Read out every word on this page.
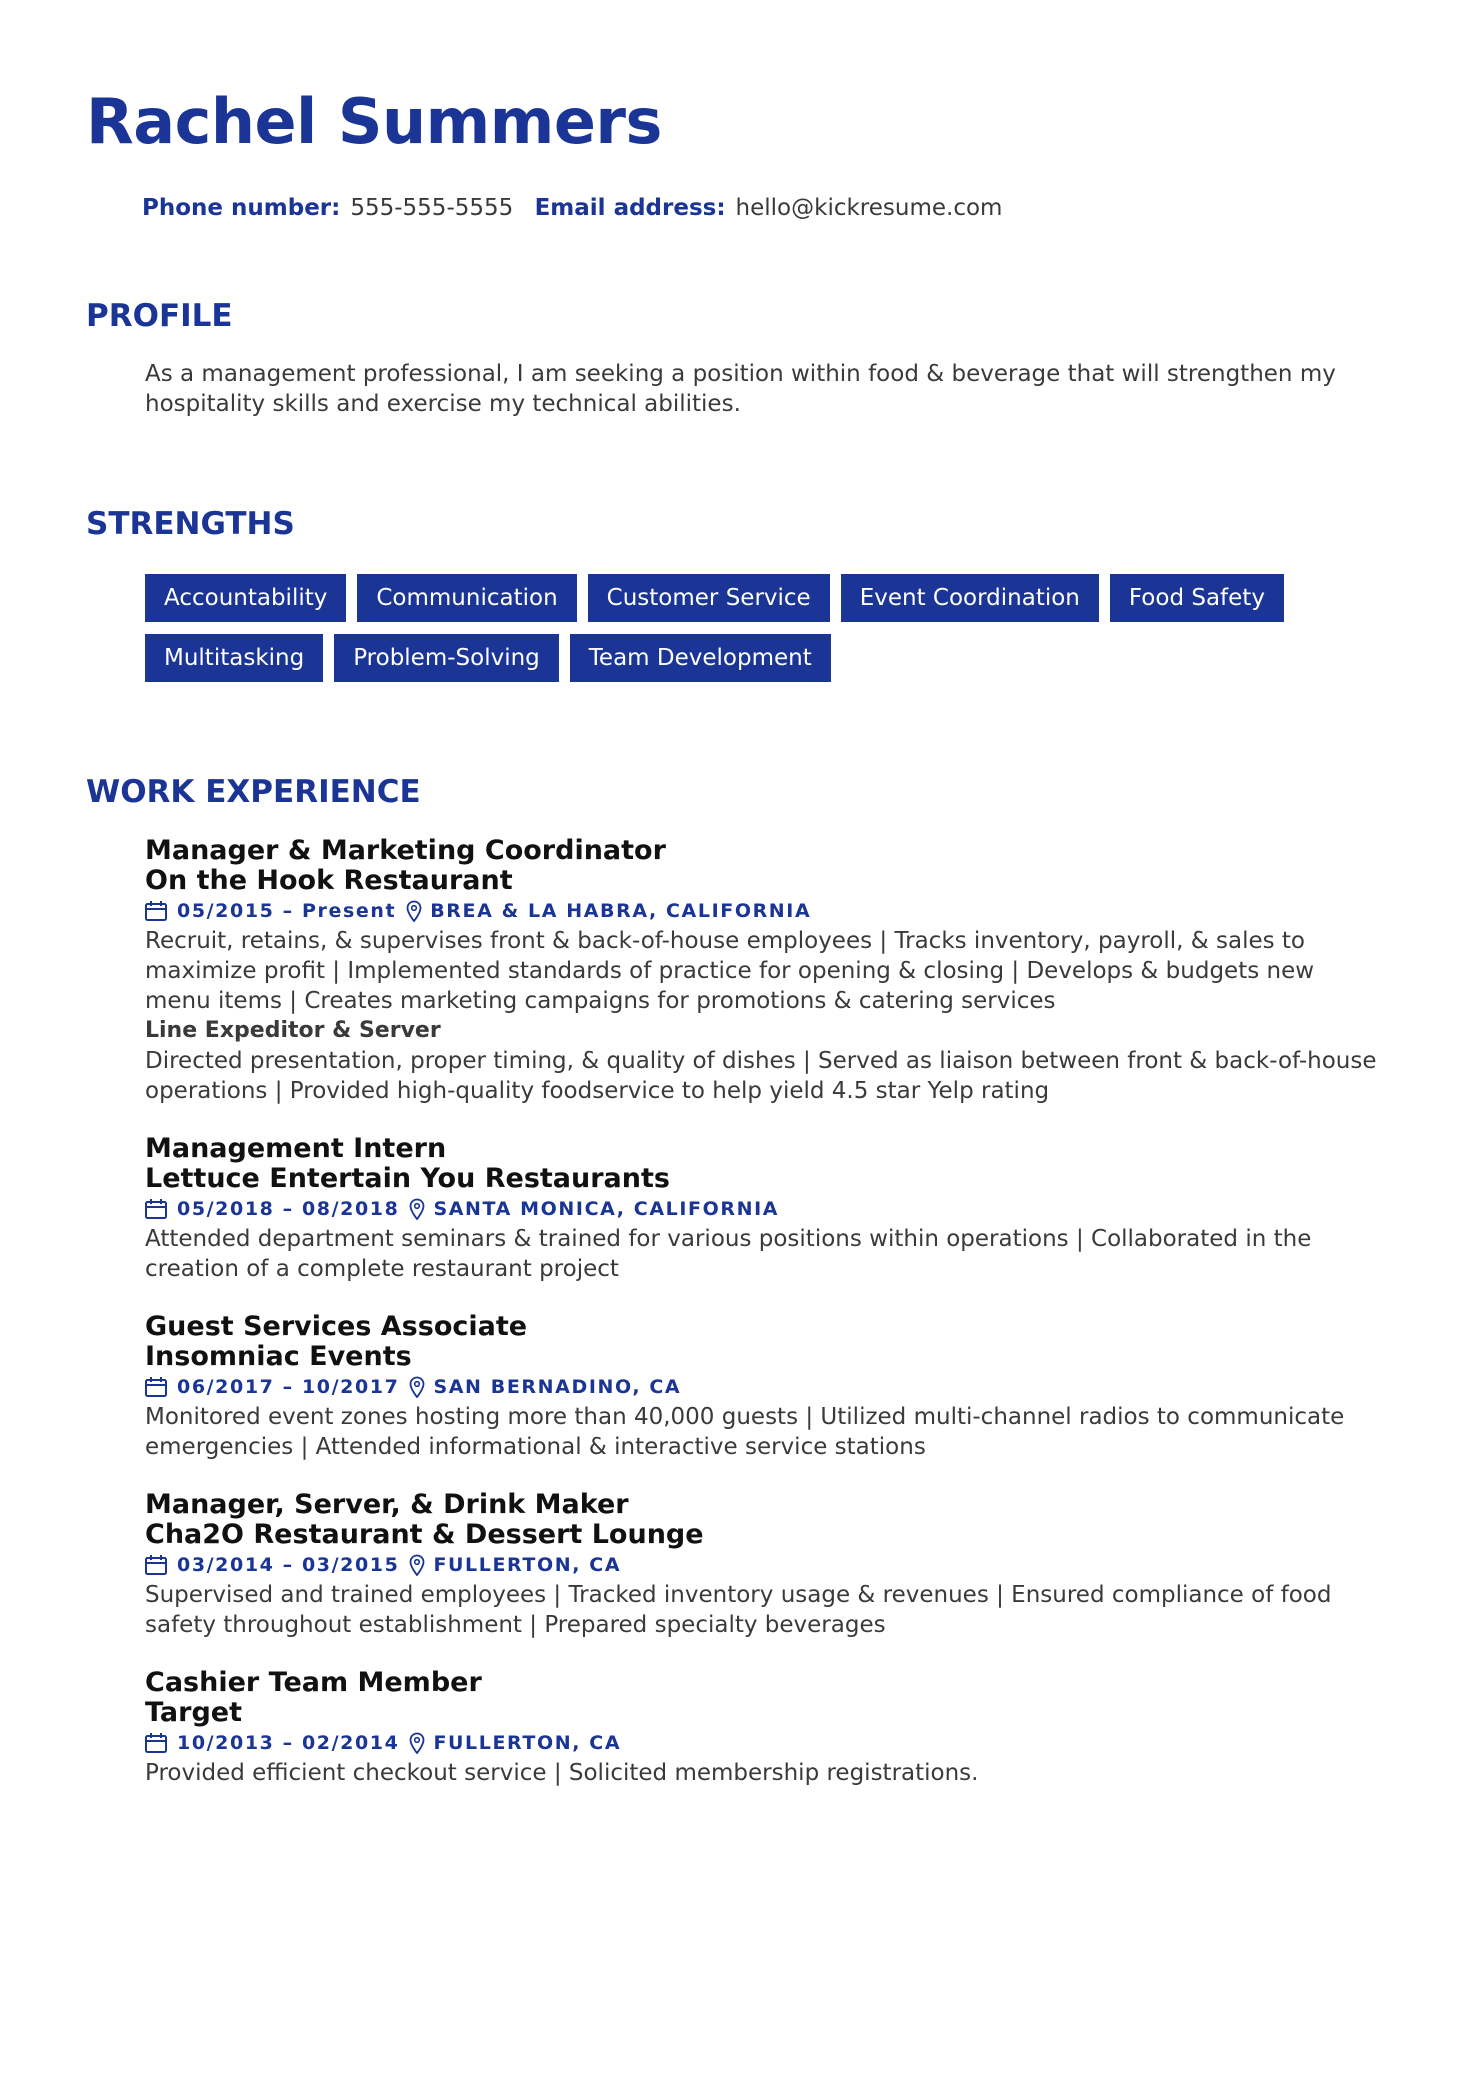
Rachel Summers
Phone number: 555-555-5555 Email address: hello@kickresume.com
PROFILE
As a management professional, I am seeking a position within food & beverage that will strengthen my hospitality skills and exercise my technical abilities.
STRENGTHS
Accountability	Communication	Customer Service	Event Coordination	Food Safety
Multitasking	Problem-Solving	Team Development
WORK EXPERIENCE
Manager & Marketing Coordinator
On the Hook Restaurant
05/2015 – Present BREA & LA HABRA, CALIFORNIA
Recruit, retains, & supervises front & back-of-house employees | Tracks inventory, payroll, & sales to maximize profit | Implemented standards of practice for opening & closing | Develops & budgets new menu items | Creates marketing campaigns for promotions & catering services
Line Expeditor & Server
Directed presentation, proper timing, & quality of dishes | Served as liaison between front & back-of-house operations | Provided high-quality foodservice to help yield 4.5 star Yelp rating
Management Intern
Lettuce Entertain You Restaurants
05/2018 – 08/2018 SANTA MONICA, CALIFORNIA
Attended department seminars & trained for various positions within operations | Collaborated in the creation of a complete restaurant project
Guest Services Associate
Insomniac Events
06/2017 – 10/2017 SAN BERNADINO, CA
Monitored event zones hosting more than 40,000 guests | Utilized multi-channel radios to communicate emergencies | Attended informational & interactive service stations
Manager, Server, & Drink Maker
Cha2O Restaurant & Dessert Lounge
03/2014 – 03/2015 FULLERTON, CA
Supervised and trained employees | Tracked inventory usage & revenues | Ensured compliance of food safety throughout establishment | Prepared specialty beverages
Cashier Team Member
Target
10/2013 – 02/2014 FULLERTON, CA
Provided efficient checkout service | Solicited membership registrations.
